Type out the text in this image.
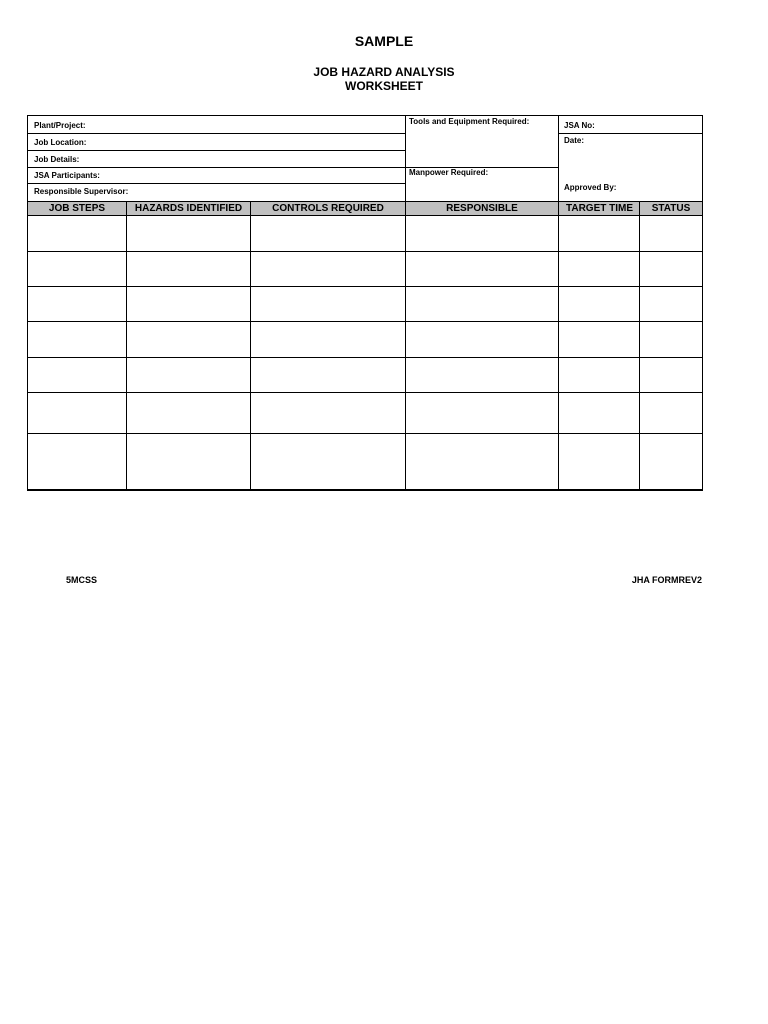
SAMPLE
JOB HAZARD ANALYSIS
WORKSHEET
Plant/Project:
Job Location:
Job Details:
JSA Participants:
Responsible Supervisor:
Tools and Equipment Required:
Manpower Required:
JSA No:
Date:
Approved By:
JOB STEPS	HAZARDS IDENTIFIED	CONTROLS REQUIRED	RESPONSIBLE	TARGET TIME	STATUS
5MCSS	JHA FORMREV2
